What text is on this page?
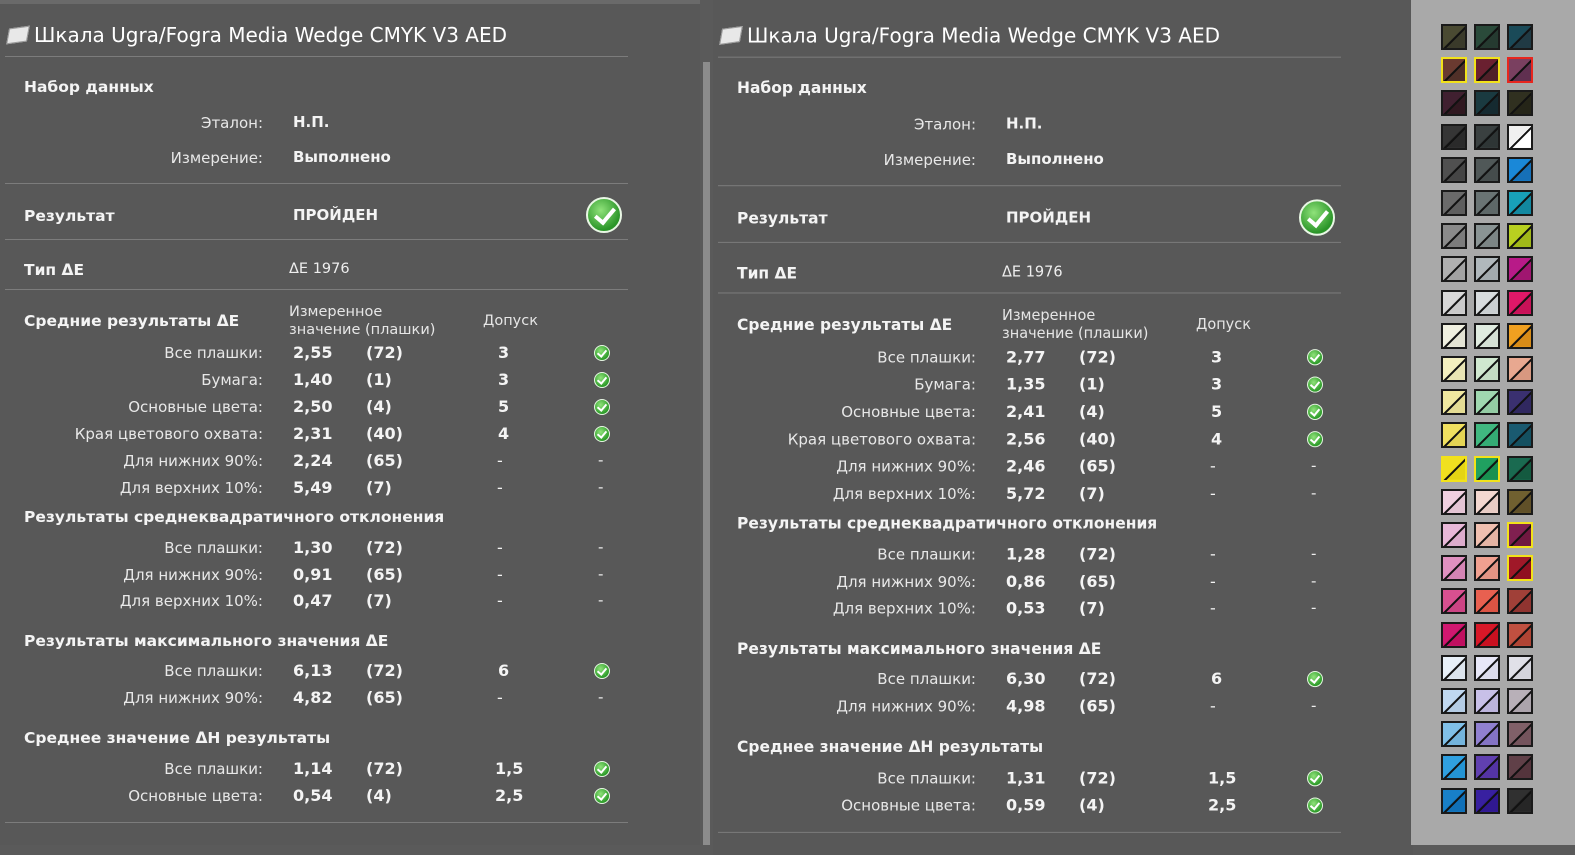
Шкала Ugra/Fogra Media Wedge CMYK V3 AED
Набор данных
Эталон: Н.П.
Измерение: Выполнено
Результат	ПРОЙДЕН
Тип ΔE	ΔE 1976
Средние результаты ΔE	Измеренное значение (плашки)
Допуск
Все плашки: 2,55 (72)	3
Бумага: 1,40 (1)	3
Основные цвета: 2,50 (4)	5
Края цветового охвата: 2,31 (40)	4
Для нижних 90%: 2,24 (65)	-	-
Для верхних 10%: 5,49 (7)	-	-
Результаты среднеквадратичного отклонения
Все плашки: 1,30 (72)	-	-
Для нижних 90%: 0,91 (65)	-	-
Для верхних 10%: 0,47 (7)	-	-
Результаты максимального значения ΔE
Все плашки: 6,13 (72)	6
Для нижних 90%: 4,82 (65)	-	-
Среднее значение ΔH результаты
Все плашки: 1,14 (72)	1,5
Основные цвета: 0,54 (4)	2,5
Шкала Ugra/Fogra Media Wedge CMYK V3 AED
Набор данных
Эталон: Н.П.
Измерение: Выполнено
Результат	ПРОЙДЕН
Тип ΔE	ΔE 1976
Средние результаты ΔE	Измеренное значение (плашки)
Допуск
Все плашки: 2,77 (72)	3
Бумага: 1,35 (1)	3
Основные цвета: 2,41 (4)	5
Края цветового охвата: 2,56 (40)	4
Для нижних 90%: 2,46 (65)	-	-
Для верхних 10%: 5,72 (7)	-	-
Результаты среднеквадратичного отклонения
Все плашки: 1,28 (72)	-	-
Для нижних 90%: 0,86 (65)	-	-
Для верхних 10%: 0,53 (7)	-	-
Результаты максимального значения ΔE
Все плашки: 6,30 (72)	6
Для нижних 90%: 4,98 (65)	-	-
Среднее значение ΔH результаты
Все плашки: 1,31 (72)	1,5
Основные цвета: 0,59 (4)	2,5
